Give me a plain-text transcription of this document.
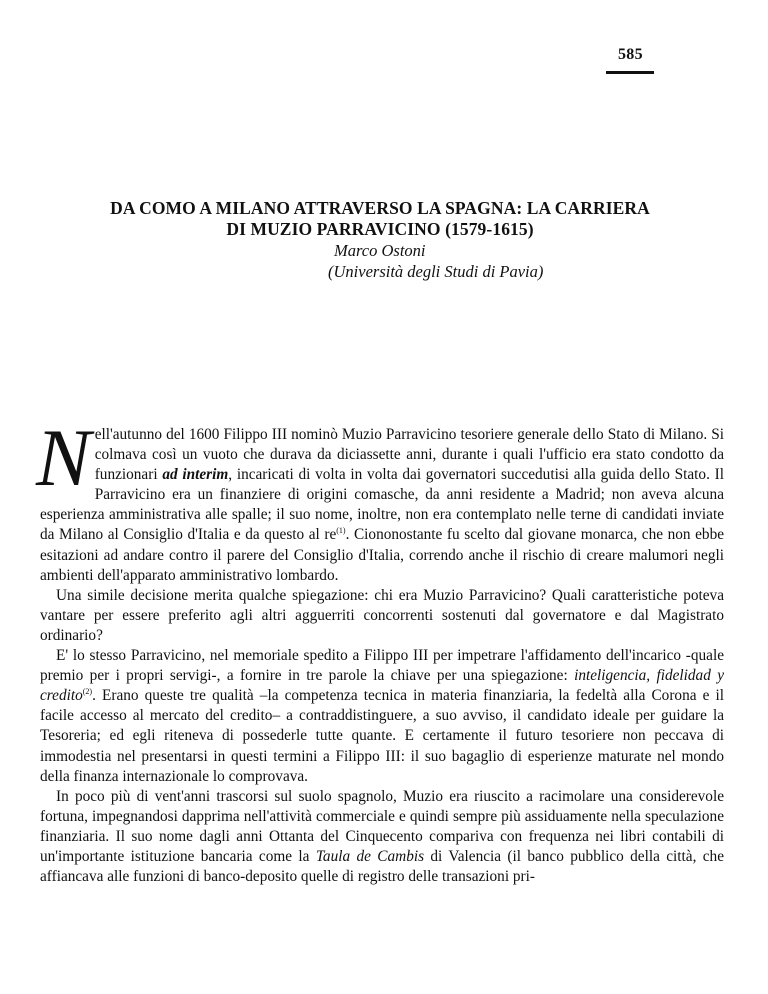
585
DA COMO A MILANO ATTRAVERSO LA SPAGNA: LA CARRIERA
DI MUZIO PARRAVICINO (1579-1615)
Marco Ostoni
(Università degli Studi di Pavia)

Nell'autunno del 1600 Filippo III nominò Muzio Parravicino tesoriere generale dello Stato di Milano. Si colmava così un vuoto che durava da diciassette anni, durante i quali l'ufficio era stato condotto da funzionari ad interim, incaricati di volta in volta dai governatori succedutisi alla guida dello Stato. Il Parravicino era un finanziere di origini comasche, da anni residente a Madrid; non aveva alcuna esperienza amministrativa alle spalle; il suo nome, inoltre, non era contemplato nelle terne di candidati inviate da Milano al Consiglio d'Italia e da questo al $re^{(1)}$. Ciononostante fu scelto dal giovane monarca, che non ebbe esitazioni ad andare contro il parere del Consiglio d'Italia, correndo anche il rischio di creare malumori negli ambienti dell'apparato amministrativo lombardo.

Una simile decisione merita qualche spiegazione: chi era Muzio Parravicino? Quali caratteristiche poteva vantare per essere preferito agli altri agguerriti concorrenti sostenuti dal governatore e dal Magistrato ordinario?

E' lo stesso Parravicino, nel memoriale spedito a Filippo III per impetrare l'affidamento dell'incarico -quale premio per i propri servigi-, a fornire in tre parole la chiave per una spiegazione: inteligencia, fidelidad y credito$^{(2)}$. Erano queste tre qualità –la competenza tecnica in materia finanziaria, la fedeltà alla Corona e il facile accesso al mercato del credito– a contraddistinguere, a suo avviso, il candidato ideale per guidare la Tesoreria; ed egli riteneva di possederle tutte quante. E certamente il futuro tesoriere non peccava di immodestia nel presentarsi in questi termini a Filippo III: il suo bagaglio di esperienze maturate nel mondo della finanza internazionale lo comprovava.

In poco più di vent'anni trascorsi sul suolo spagnolo, Muzio era riuscito a racimolare una considerevole fortuna, impegnandosi dapprima nell'attività commerciale e quindi sempre più assiduamente nella speculazione finanziaria. Il suo nome dagli anni Ottanta del Cinquecento compariva con frequenza nei libri contabili di un'importante istituzione bancaria come la Taula de Cambis di Valencia (il banco pubblico della città, che affiancava alle funzioni di banco-deposito quelle di registro delle transazioni pri-
